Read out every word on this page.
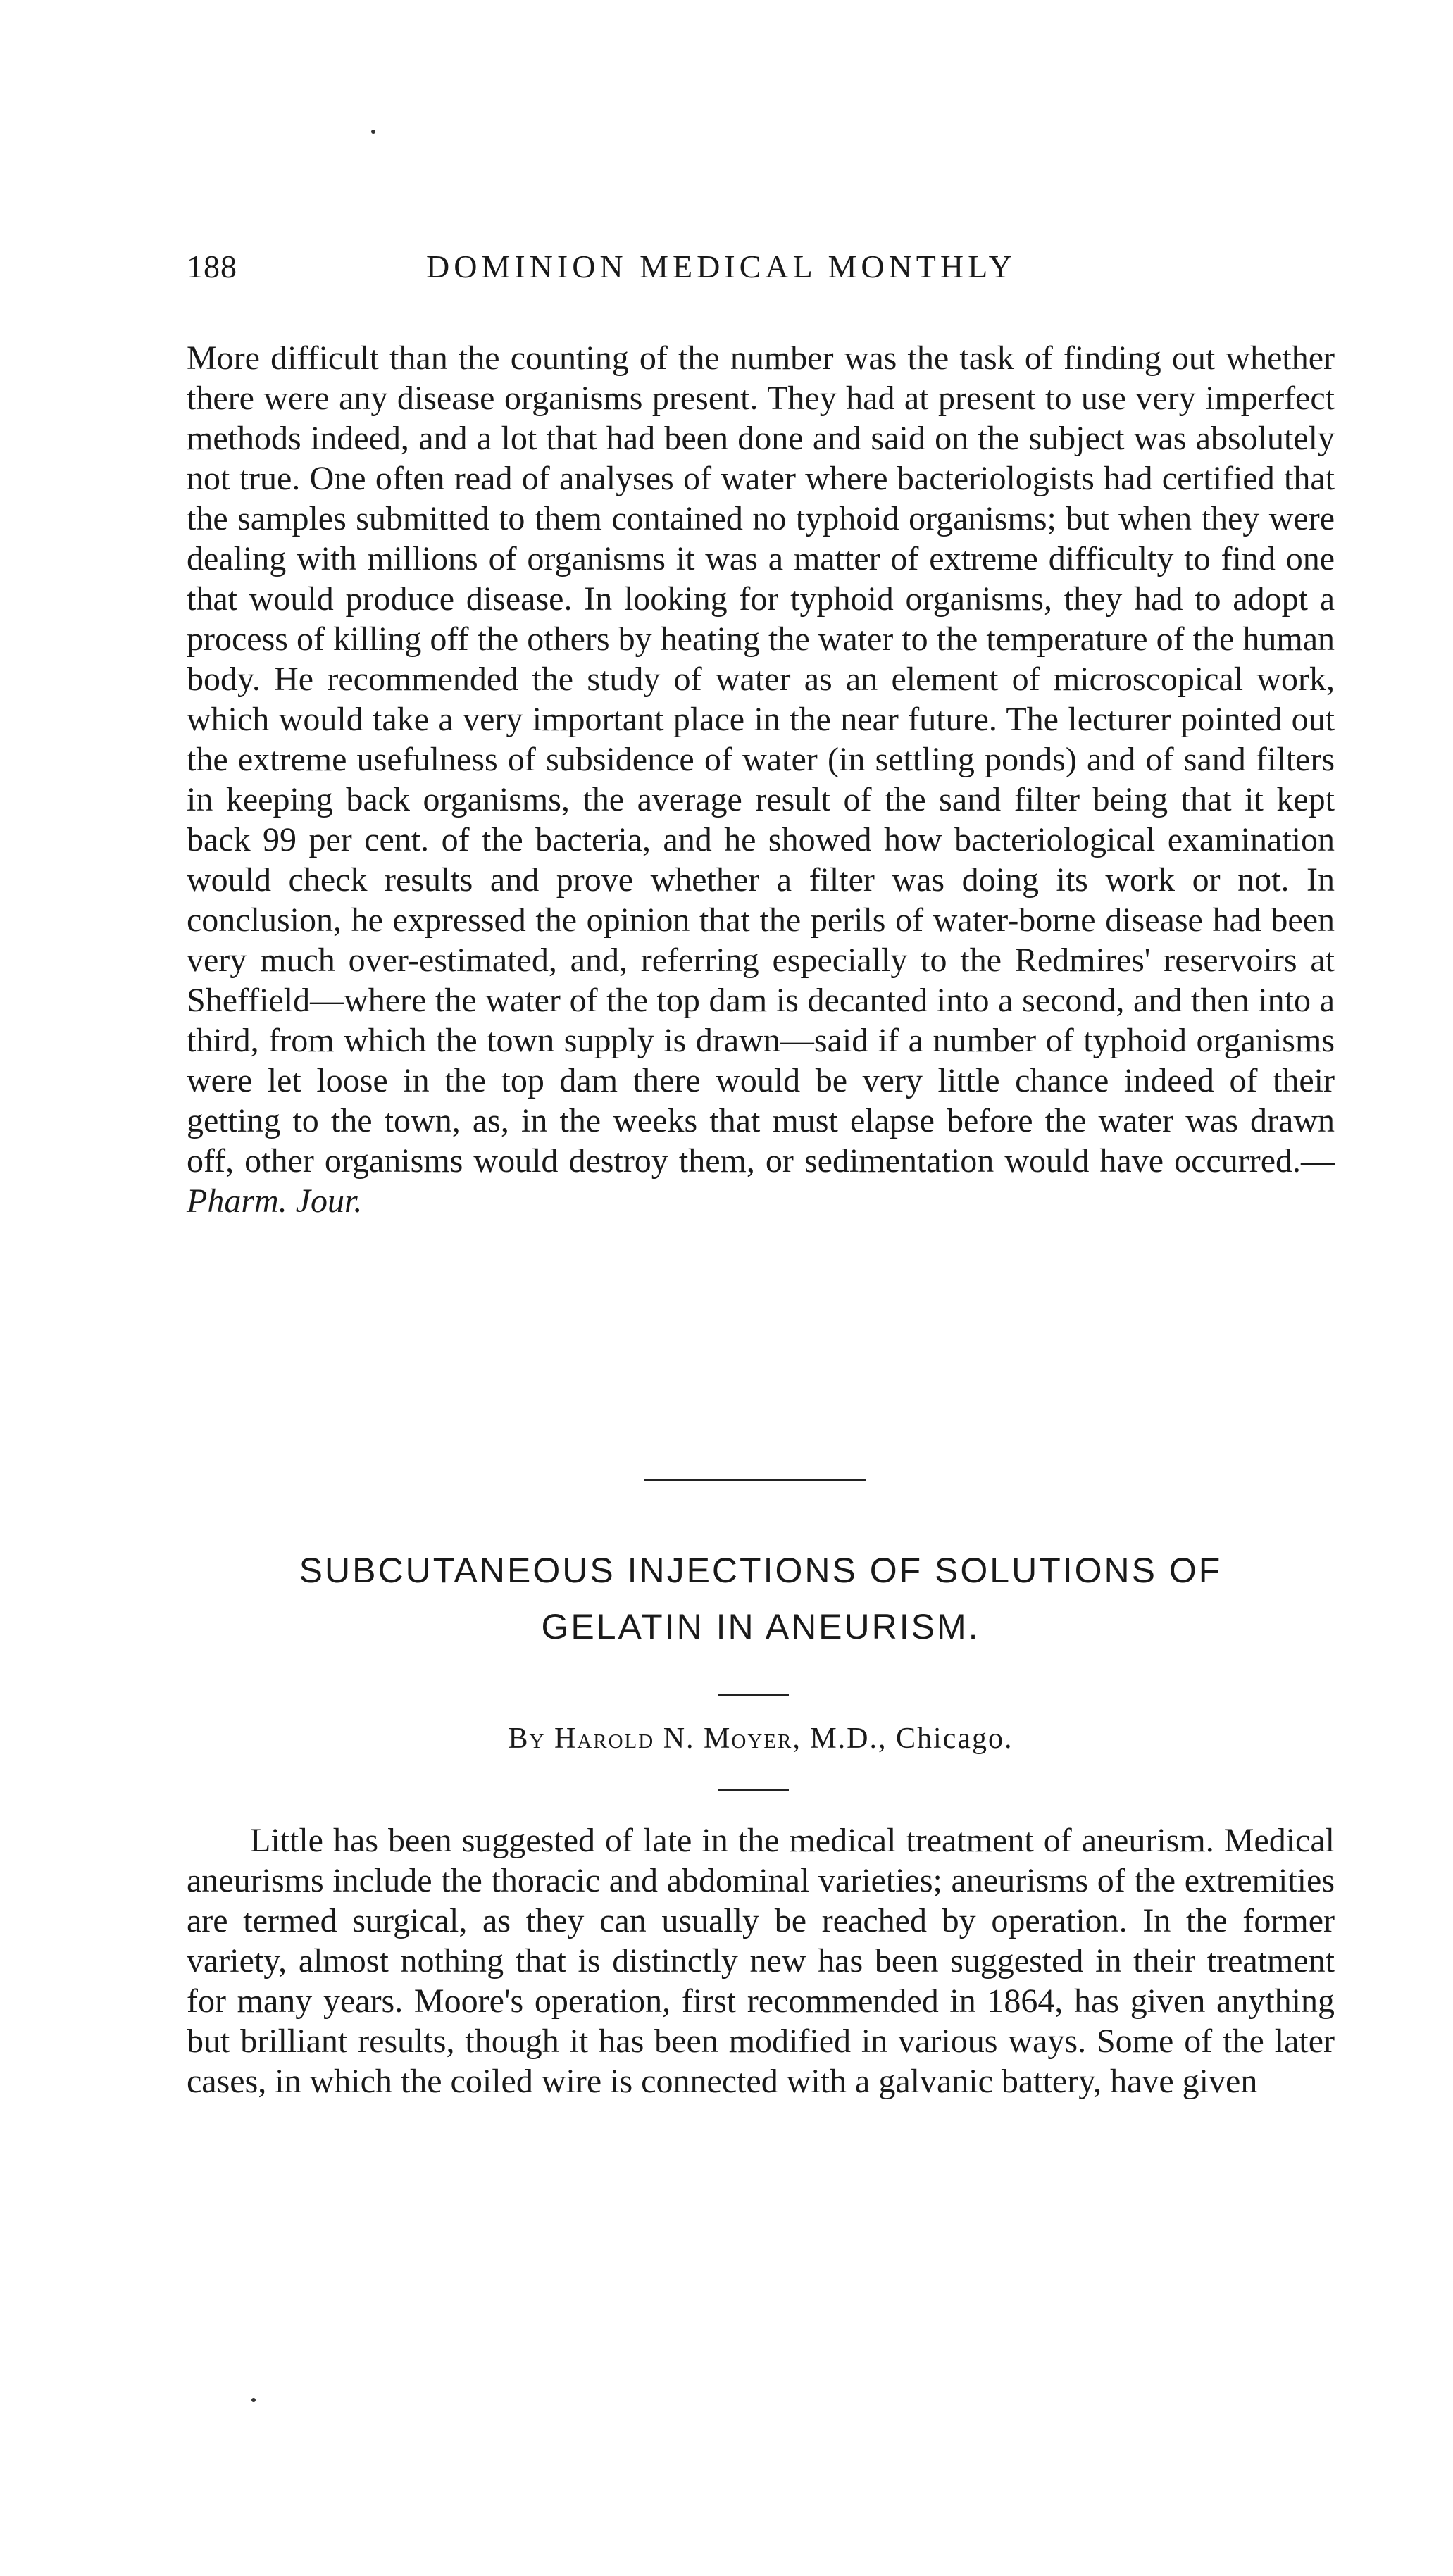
188	DOMINION MEDICAL MONTHLY

More difficult than the counting of the number was the task of finding out whether there were any disease organisms present. They had at present to use very imperfect methods indeed, and a lot that had been done and said on the subject was absolutely not true. One often read of analyses of water where bacteriologists had certified that the samples submitted to them contained no typhoid organisms; but when they were dealing with millions of organisms it was a matter of extreme difficulty to find one that would produce disease. In looking for typhoid organisms, they had to adopt a process of killing off the others by heating the water to the temperature of the human body. He recommended the study of water as an element of microscopical work, which would take a very important place in the near future. The lecturer pointed out the extreme usefulness of subsidence of water (in settling ponds) and of sand filters in keeping back organisms, the average result of the sand filter being that it kept back 99 per cent. of the bacteria, and he showed how bacteriological examination would check results and prove whether a filter was doing its work or not. In conclusion, he expressed the opinion that the perils of water-borne disease had been very much over-estimated, and, referring especially to the Redmires' reservoirs at Sheffield—where the water of the top dam is decanted into a second, and then into a third, from which the town supply is drawn—said if a number of typhoid organisms were let loose in the top dam there would be very little chance indeed of their getting to the town, as, in the weeks that must elapse before the water was drawn off, other organisms would destroy them, or sedimentation would have occurred.—Pharm. Jour.

SUBCUTANEOUS INJECTIONS OF SOLUTIONS OF
GELATIN IN ANEURISM.
By Harold N. Moyer, M.D., Chicago.

Little has been suggested of late in the medical treatment of aneurism. Medical aneurisms include the thoracic and abdominal varieties; aneurisms of the extremities are termed surgical, as they can usually be reached by operation. In the former variety, almost nothing that is distinctly new has been suggested in their treatment for many years. Moore's operation, first recommended in 1864, has given anything but brilliant results, though it has been modified in various ways. Some of the later cases, in which the coiled wire is connected with a galvanic battery, have given
